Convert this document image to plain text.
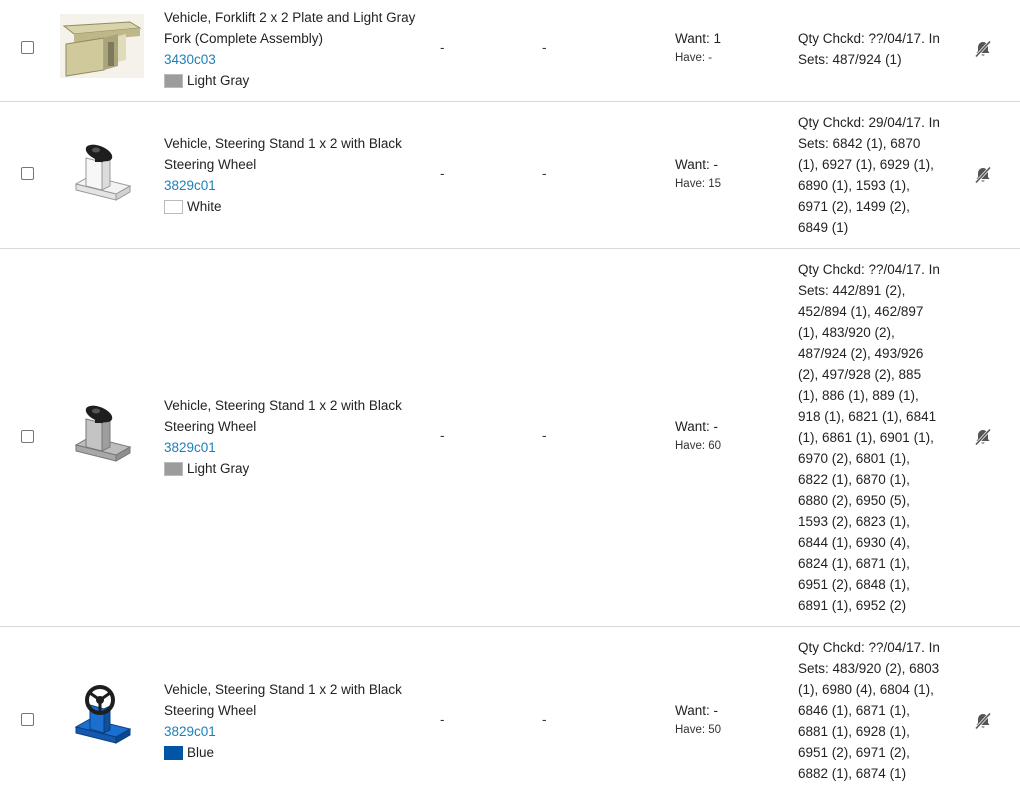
Vehicle, Forklift 2 x 2 Plate and Light Gray Fork (Complete Assembly)
3430c03
Light Gray
-	-
Want: 1
Have: -
Qty Chckd: ??/04/17. In Sets: 487/924 (1)
Vehicle, Steering Stand 1 x 2 with Black Steering Wheel
3829c01
White
-	-
Want: -
Have: 15
Qty Chckd: 29/04/17. In Sets: 6842 (1), 6870 (1), 6927 (1), 6929 (1), 6890 (1), 1593 (1), 6971 (2), 1499 (2), 6849 (1)
Vehicle, Steering Stand 1 x 2 with Black Steering Wheel
3829c01
Light Gray
-	-
Want: -
Have: 60
Qty Chckd: ??/04/17. In Sets: 442/891 (2), 452/894 (1), 462/897 (1), 483/920 (2), 487/924 (2), 493/926 (2), 497/928 (2), 885 (1), 886 (1), 889 (1), 918 (1), 6821 (1), 6841 (1), 6861 (1), 6901 (1), 6970 (2), 6801 (1), 6822 (1), 6870 (1), 6880 (2), 6950 (5), 1593 (2), 6823 (1), 6844 (1), 6930 (4), 6824 (1), 6871 (1), 6951 (2), 6848 (1), 6891 (1), 6952 (2)
Vehicle, Steering Stand 1 x 2 with Black Steering Wheel
3829c01
Blue
-	-
Want: -
Have: 50
Qty Chckd: ??/04/17. In Sets: 483/920 (2), 6803 (1), 6980 (4), 6804 (1), 6846 (1), 6871 (1), 6881 (1), 6928 (1), 6951 (2), 6971 (2), 6882 (1), 6874 (1)
